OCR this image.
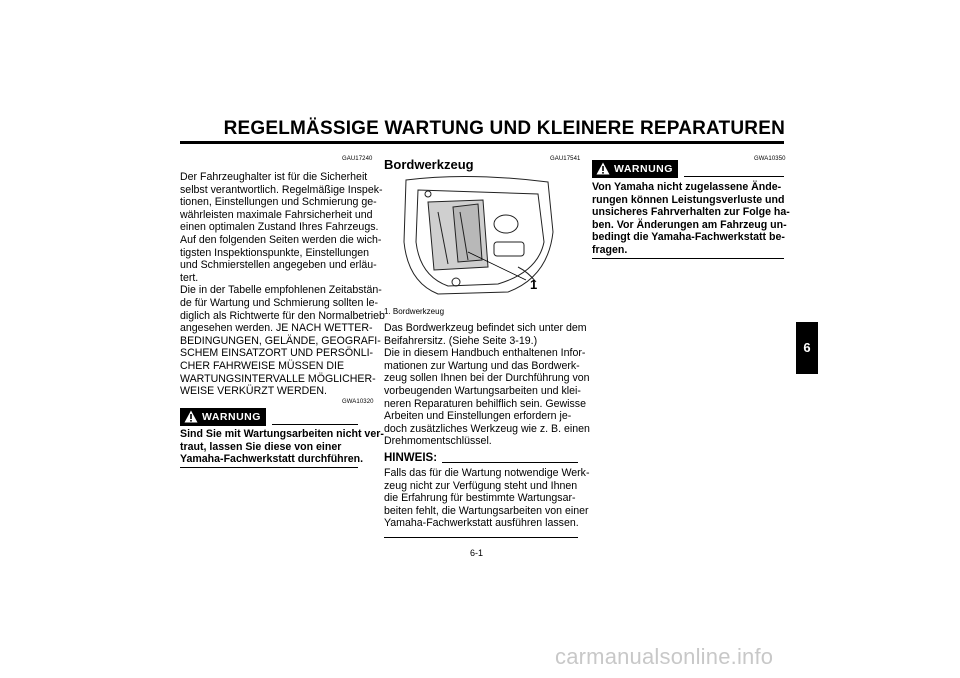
REGELMÄSSIGE WARTUNG UND KLEINERE REPARATUREN
GAU17240
Der Fahrzeughalter ist für die Sicherheit
selbst verantwortlich. Regelmäßige Inspek-
tionen, Einstellungen und Schmierung ge-
währleisten maximale Fahrsicherheit und
einen optimalen Zustand Ihres Fahrzeugs.
Auf den folgenden Seiten werden die wich-
tigsten Inspektionspunkte, Einstellungen
und Schmierstellen angegeben und erläu-
tert.
Die in der Tabelle empfohlenen Zeitabstän-
de für Wartung und Schmierung sollten le-
diglich als Richtwerte für den Normalbetrieb
angesehen werden. JE NACH WETTER-
BEDINGUNGEN, GELÄNDE, GEOGRAFI-
SCHEM EINSATZORT UND PERSÖNLI-
CHER FAHRWEISE MÜSSEN DIE
WARTUNGSINTERVALLE MÖGLICHER-
WEISE VERKÜRZT WERDEN.
GWA10320
WARNUNG
Sind Sie mit Wartungsarbeiten nicht ver-
traut, lassen Sie diese von einer
Yamaha-Fachwerkstatt durchführen.
GAU17541
Bordwerkzeug
1
1. Bordwerkzeug
Das Bordwerkzeug befindet sich unter dem
Beifahrersitz. (Siehe Seite 3-19.)
Die in diesem Handbuch enthaltenen Infor-
mationen zur Wartung und das Bordwerk-
zeug sollen Ihnen bei der Durchführung von
vorbeugenden Wartungsarbeiten und klei-
neren Reparaturen behilflich sein. Gewisse
Arbeiten und Einstellungen erfordern je-
doch zusätzliches Werkzeug wie z. B. einen
Drehmomentschlüssel.
HINWEIS:
Falls das für die Wartung notwendige Werk-
zeug nicht zur Verfügung steht und Ihnen
die Erfahrung für bestimmte Wartungsar-
beiten fehlt, die Wartungsarbeiten von einer
Yamaha-Fachwerkstatt ausführen lassen.
GWA10350
WARNUNG
Von Yamaha nicht zugelassene Ände-
rungen können Leistungsverluste und
unsicheres Fahrverhalten zur Folge ha-
ben. Vor Änderungen am Fahrzeug un-
bedingt die Yamaha-Fachwerkstatt be-
fragen.
6-1
6
carmanualsonline.info
